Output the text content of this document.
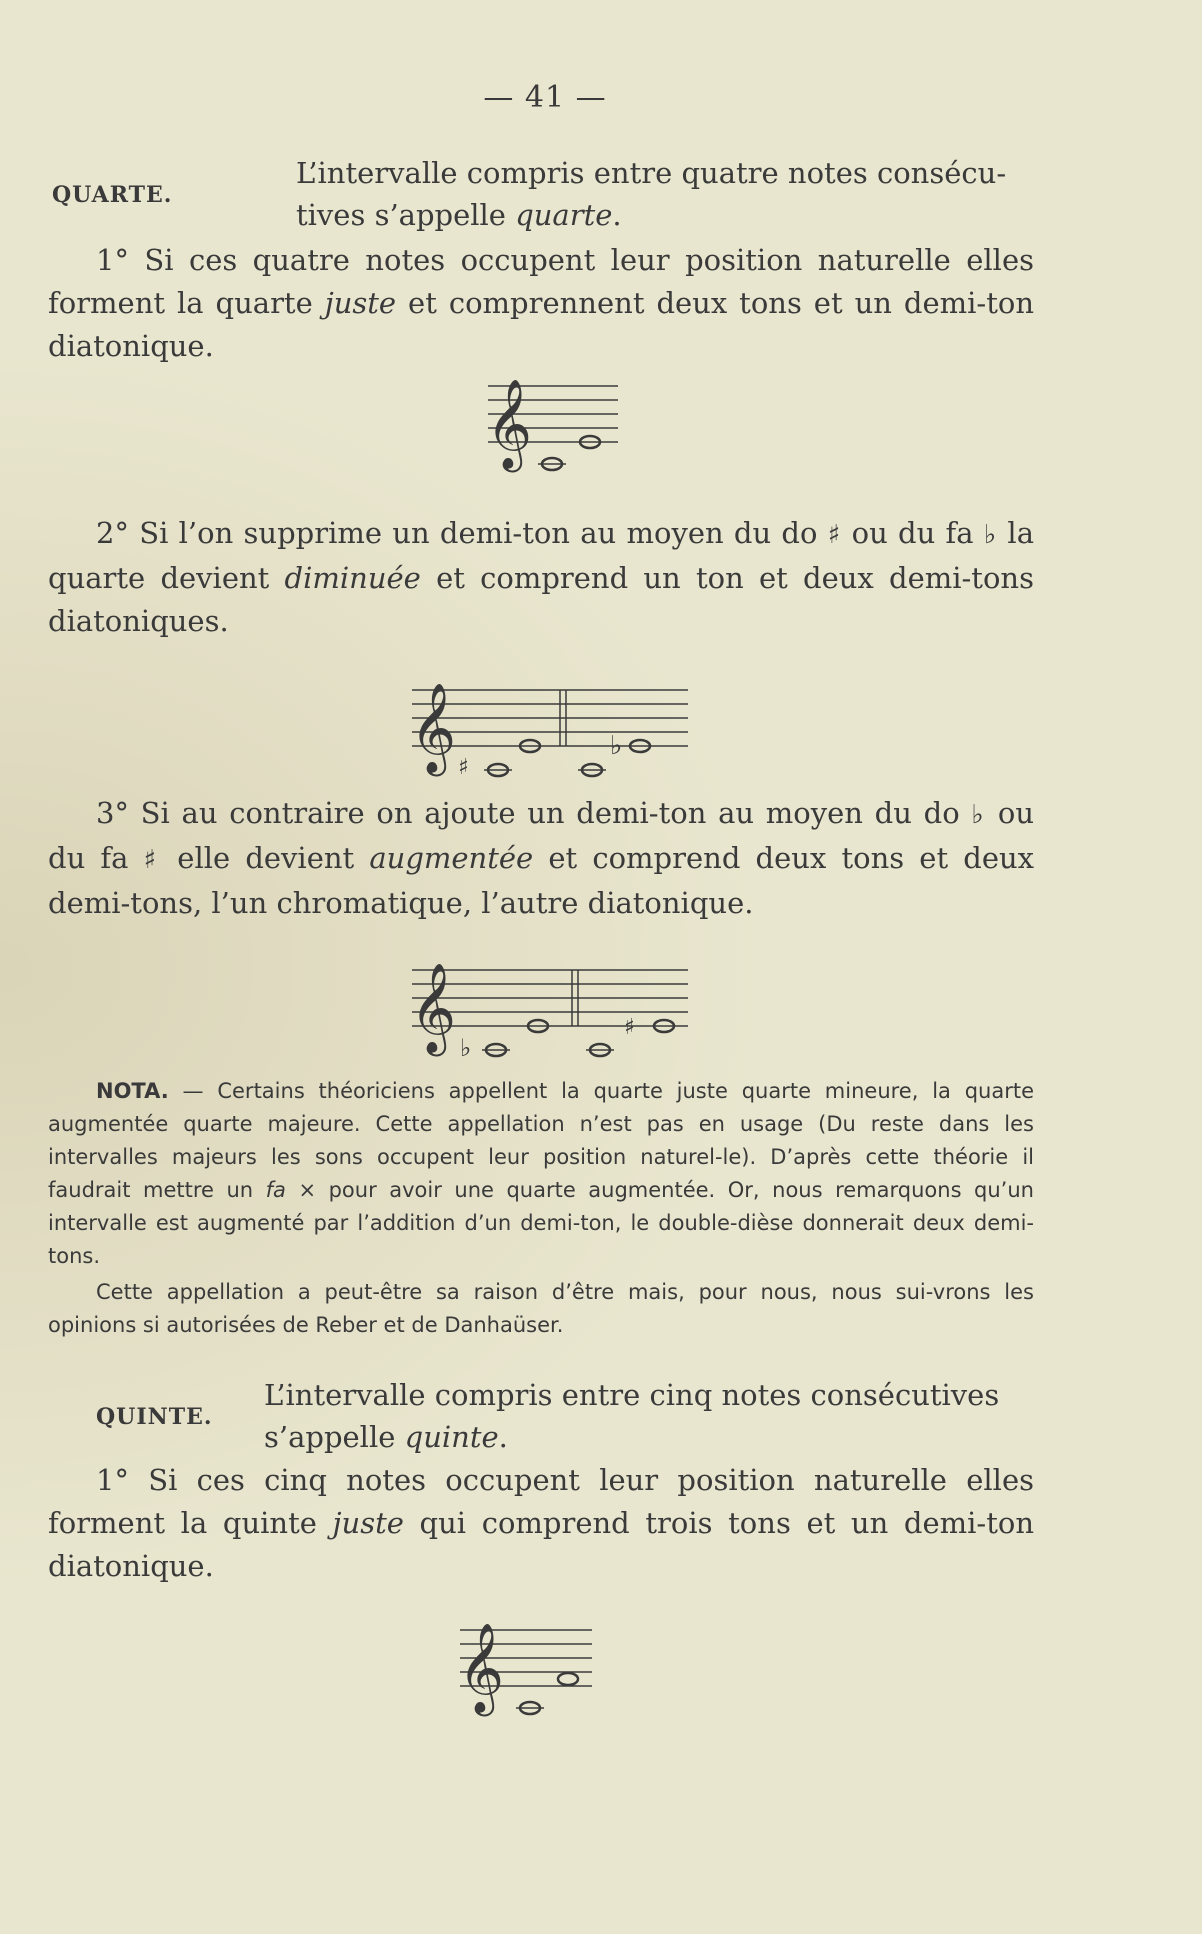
— 41 —
QUARTE.
L’intervalle compris entre quatre notes consécu-tives s’appelle quarte.
1° Si ces quatre notes occupent leur position naturelle elles forment la quarte juste et comprennent deux tons et un demi-ton diatonique.
𝄞
2° Si l’on supprime un demi-ton au moyen du do ♯ ou du fa ♭ la quarte devient diminuée et comprend un ton et deux demi-tons diatoniques.
𝄞 ♯
♭
3° Si au contraire on ajoute un demi-ton au moyen du do ♭ ou du fa ♯ elle devient augmentée et comprend deux tons et deux demi-tons, l’un chromatique, l’autre diatonique.
𝄞 ♭
♯
NOTA. — Certains théoriciens appellent la quarte juste quarte mineure, la quarte augmentée quarte majeure. Cette appellation n’est pas en usage (Du reste dans les intervalles majeurs les sons occupent leur position naturel-le). D’après cette théorie il faudrait mettre un fa × pour avoir une quarte augmentée. Or, nous remarquons qu’un intervalle est augmenté par l’addition d’un demi-ton, le double-dièse donnerait deux demi-tons.
Cette appellation a peut-être sa raison d’être mais, pour nous, nous sui-vrons les opinions si autorisées de Reber et de Danhaüser.
QUINTE.
L’intervalle compris entre cinq notes consécutives s’appelle quinte.
1° Si ces cinq notes occupent leur position naturelle elles forment la quinte juste qui comprend trois tons et un demi-ton diatonique.
𝄞
